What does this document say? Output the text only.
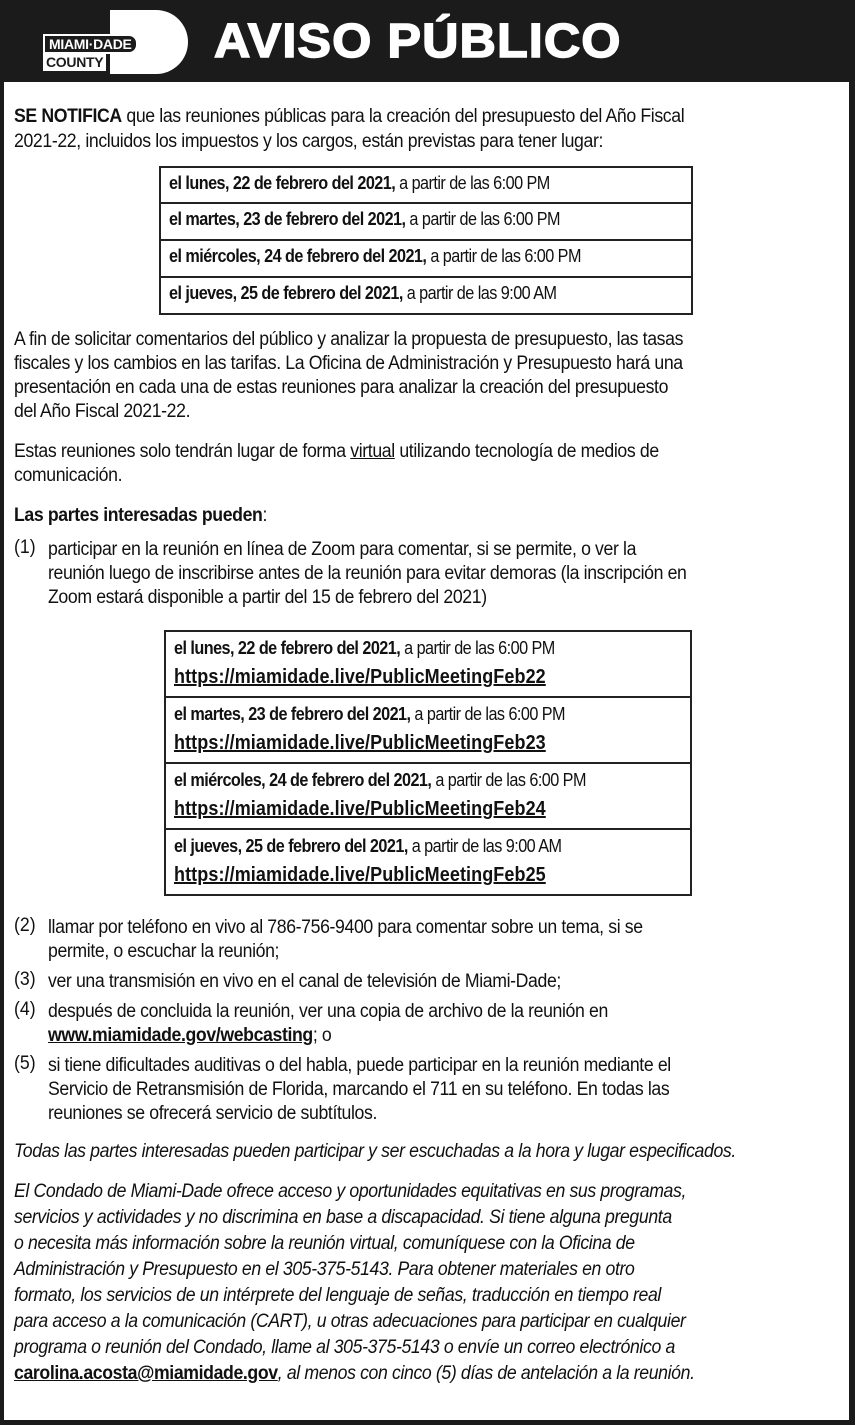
MIAMI·DADE
COUNTY AVISO PÚBLICO
SE NOTIFICA que las reuniones públicas para la creación del presupuesto del Año Fiscal
2021-22, incluidos los impuestos y los cargos, están previstas para tener lugar:
el lunes, 22 de febrero del 2021, a partir de las 6:00 PM
el martes, 23 de febrero del 2021, a partir de las 6:00 PM
el miércoles, 24 de febrero del 2021, a partir de las 6:00 PM
el jueves, 25 de febrero del 2021, a partir de las 9:00 AM
A fin de solicitar comentarios del público y analizar la propuesta de presupuesto, las tasas
fiscales y los cambios en las tarifas. La Oficina de Administración y Presupuesto hará una
presentación en cada una de estas reuniones para analizar la creación del presupuesto
del Año Fiscal 2021-22.
Estas reuniones solo tendrán lugar de forma virtual utilizando tecnología de medios de
comunicación.
Las partes interesadas pueden:
(1) participar en la reunión en línea de Zoom para comentar, si se permite, o ver la
reunión luego de inscribirse antes de la reunión para evitar demoras (la inscripción en
Zoom estará disponible a partir del 15 de febrero del 2021)
el lunes, 22 de febrero del 2021, a partir de las 6:00 PM
https://miamidade.live/PublicMeetingFeb22
el martes, 23 de febrero del 2021, a partir de las 6:00 PM
https://miamidade.live/PublicMeetingFeb23
el miércoles, 24 de febrero del 2021, a partir de las 6:00 PM
https://miamidade.live/PublicMeetingFeb24
el jueves, 25 de febrero del 2021, a partir de las 9:00 AM
https://miamidade.live/PublicMeetingFeb25
(2) llamar por teléfono en vivo al 786-756-9400 para comentar sobre un tema, si se
permite, o escuchar la reunión;
(3) ver una transmisión en vivo en el canal de televisión de Miami-Dade;
(4) después de concluida la reunión, ver una copia de archivo de la reunión en
www.miamidade.gov/webcasting; o
(5) si tiene dificultades auditivas o del habla, puede participar en la reunión mediante el
Servicio de Retransmisión de Florida, marcando el 711 en su teléfono. En todas las
reuniones se ofrecerá servicio de subtítulos.
Todas las partes interesadas pueden participar y ser escuchadas a la hora y lugar especificados.
El Condado de Miami-Dade ofrece acceso y oportunidades equitativas en sus programas,
servicios y actividades y no discrimina en base a discapacidad. Si tiene alguna pregunta
o necesita más información sobre la reunión virtual, comuníquese con la Oficina de
Administración y Presupuesto en el 305-375-5143. Para obtener materiales en otro
formato, los servicios de un intérprete del lenguaje de señas, traducción en tiempo real
para acceso a la comunicación (CART), u otras adecuaciones para participar en cualquier
programa o reunión del Condado, llame al 305-375-5143 o envíe un correo electrónico a
carolina.acosta@miamidade.gov, al menos con cinco (5) días de antelación a la reunión.
